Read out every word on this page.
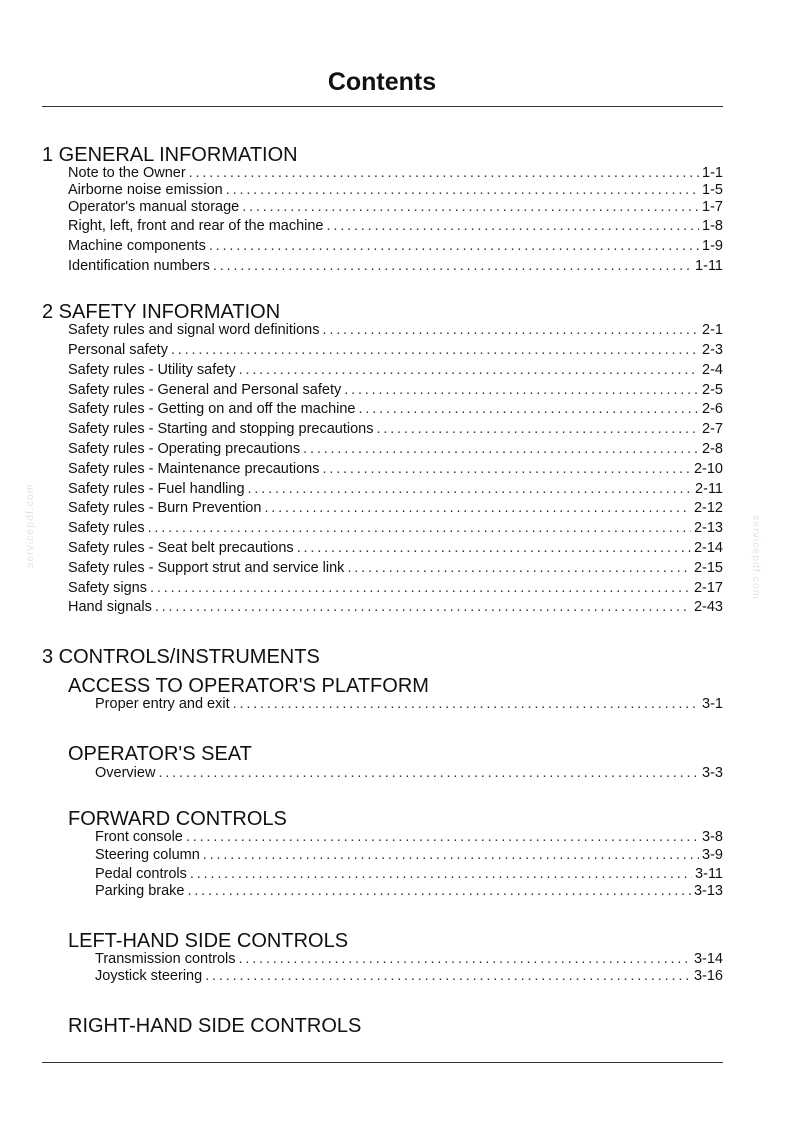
Contents
servicepdf.com	servicepdf.com
1 GENERAL INFORMATION
Note to the Owner . . .	1-1
Airborne noise emission . . .	1-5
Operator's manual storage . . .	1-7
Right, left, front and rear of the machine . . .	1-8
Machine components . . .	1-9
Identification numbers . . .	1-11
2 SAFETY INFORMATION
Safety rules and signal word definitions . . .	2-1
Personal safety . . .	2-3
Safety rules - Utility safety . . .	2-4
Safety rules - General and Personal safety . . .	2-5
Safety rules - Getting on and off the machine . . .	2-6
Safety rules - Starting and stopping precautions . . .	2-7
Safety rules - Operating precautions . . .	2-8
Safety rules - Maintenance precautions . . .	2-10
Safety rules - Fuel handling . . .	2-11
Safety rules - Burn Prevention . . .	2-12
Safety rules . . .	2-13
Safety rules - Seat belt precautions . . .	2-14
Safety rules - Support strut and service link . . .	2-15
Safety signs . . .	2-17
Hand signals . . .	2-43
3 CONTROLS/INSTRUMENTS
ACCESS TO OPERATOR'S PLATFORM
Proper entry and exit . . .	3-1
OPERATOR'S SEAT
Overview . . .	3-3
FORWARD CONTROLS
Front console . . .	3-8
Steering column . . .	3-9
Pedal controls . . .	3-11
Parking brake . . .	3-13
LEFT-HAND SIDE CONTROLS
Transmission controls . . .	3-14
Joystick steering . . .	3-16
RIGHT-HAND SIDE CONTROLS
